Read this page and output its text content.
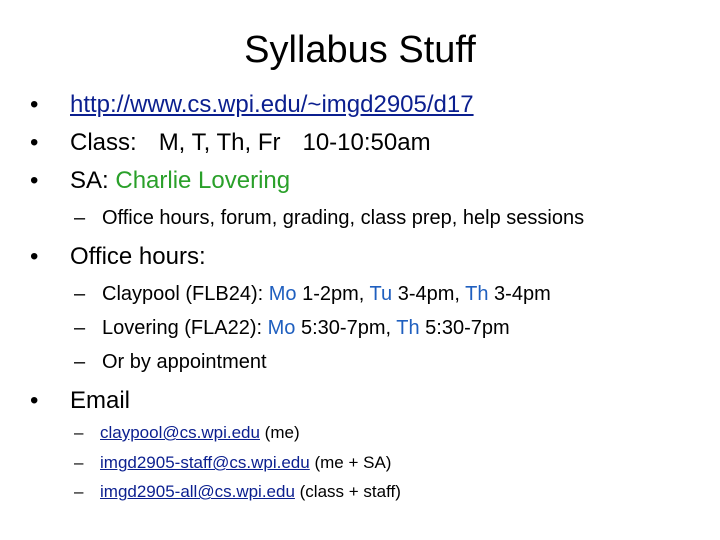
Syllabus Stuff
• http://www.cs.wpi.edu/~imgd2905/d17
• Class: M, T, Th, Fr 10-10:50am
• SA: Charlie Lovering
– Office hours, forum, grading, class prep, help sessions
• Office hours:
– Claypool (FLB24): Mo 1-2pm, Tu 3-4pm, Th 3-4pm
– Lovering (FLA22): Mo 5:30-7pm, Th 5:30-7pm
– Or by appointment
• Email
– claypool@cs.wpi.edu (me)
– imgd2905-staff@cs.wpi.edu (me + SA)
– imgd2905-all@cs.wpi.edu (class + staff)
